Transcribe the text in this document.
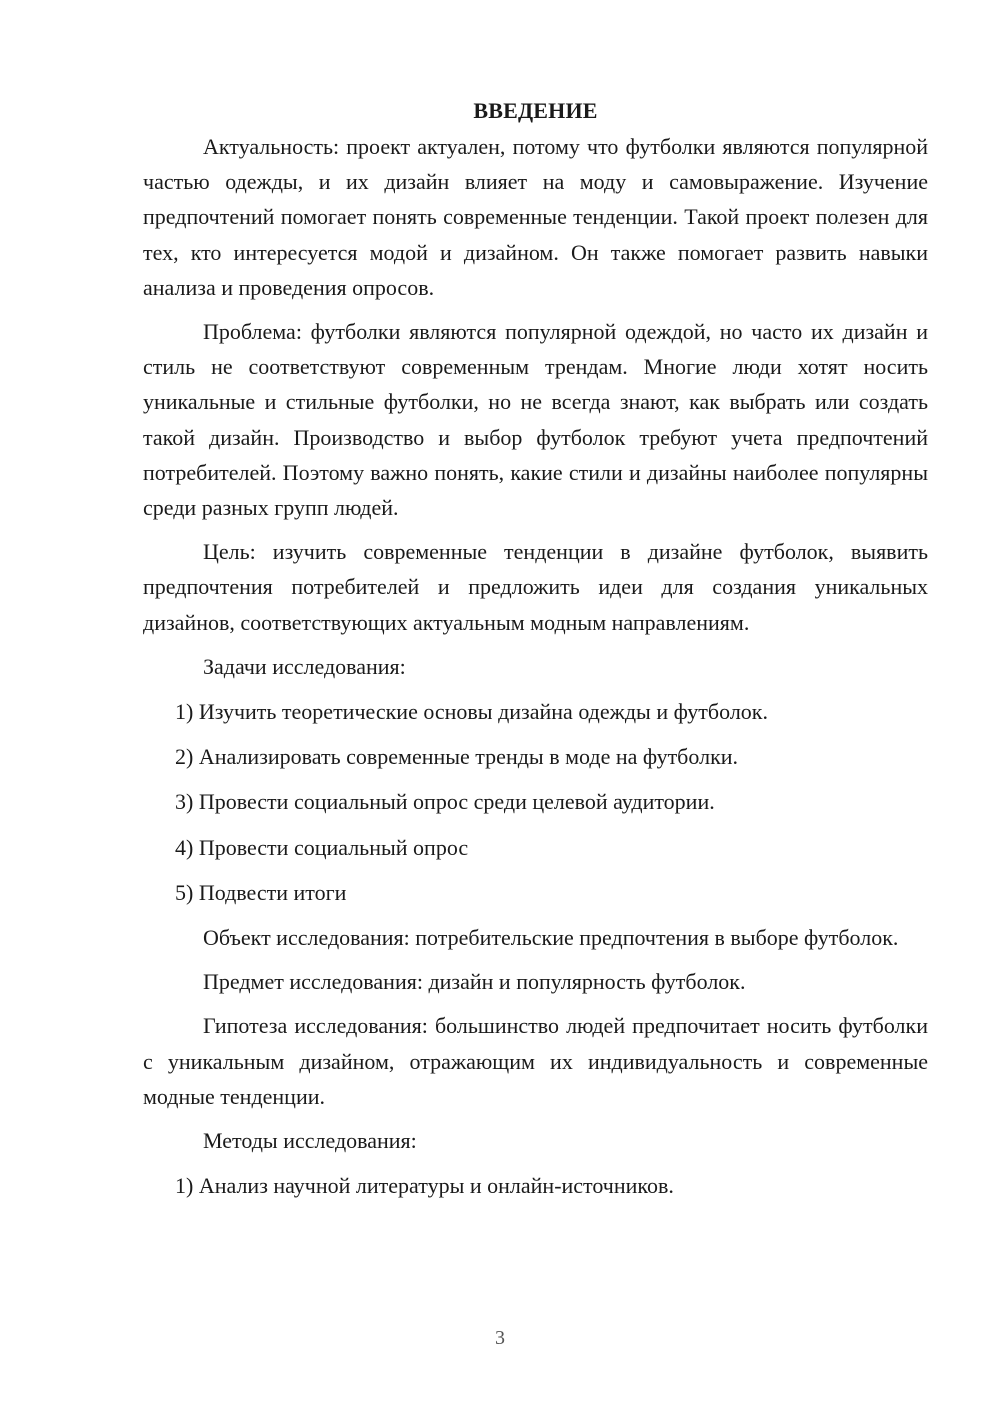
ВВЕДЕНИЕ

Актуальность: проект актуален, потому что футболки являются популярной частью одежды, и их дизайн влияет на моду и самовыражение. Изучение предпочтений помогает понять современные тенденции. Такой проект полезен для тех, кто интересуется модой и дизайном. Он также помогает развить навыки анализа и проведения опросов.

Проблема: футболки являются популярной одеждой, но часто их дизайн и стиль не соответствуют современным трендам. Многие люди хотят носить уникальные и стильные футболки, но не всегда знают, как выбрать или создать такой дизайн. Производство и выбор футболок требуют учета предпочтений потребителей. Поэтому важно понять, какие стили и дизайны наиболее популярны среди разных групп людей.

Цель: изучить современные тенденции в дизайне футболок, выявить предпочтения потребителей и предложить идеи для создания уникальных дизайнов, соответствующих актуальным модным направлениям.

Задачи исследования:
1) Изучить теоретические основы дизайна одежды и футболок.
2) Анализировать современные тренды в моде на футболки.
3) Провести социальный опрос среди целевой аудитории.
4) Провести социальный опрос
5) Подвести итоги

Объект исследования: потребительские предпочтения в выборе футболок.

Предмет исследования: дизайн и популярность футболок.

Гипотеза исследования: большинство людей предпочитает носить футболки с уникальным дизайном, отражающим их индивидуальность и современные модные тенденции.

Методы исследования:
1) Анализ научной литературы и онлайн-источников.
3
